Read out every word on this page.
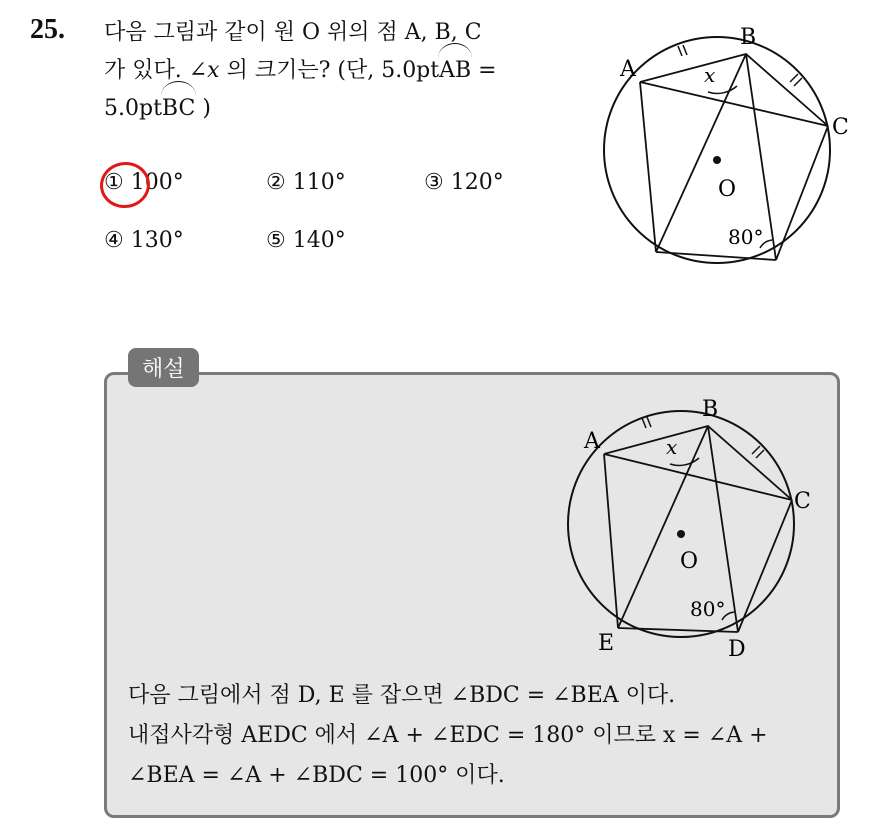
25. 다음 그림과 같이 원 O 위의 점 A, B, C
가 있다. ∠x 의 크기는? (단, 5.0ptAB =
5.0ptBC )
① 100°	② 110°	③ 120°
④ 130°	⑤ 140°
A
B
C
O
x
80°
해설
A
B
C
D
E
O
x
80°
다음 그림에서 점 D, E 를 잡으면 ∠BDC = ∠BEA 이다.
내접사각형 AEDC 에서 ∠A + ∠EDC = 180° 이므로 x = ∠A +
∠BEA = ∠A + ∠BDC = 100° 이다.
